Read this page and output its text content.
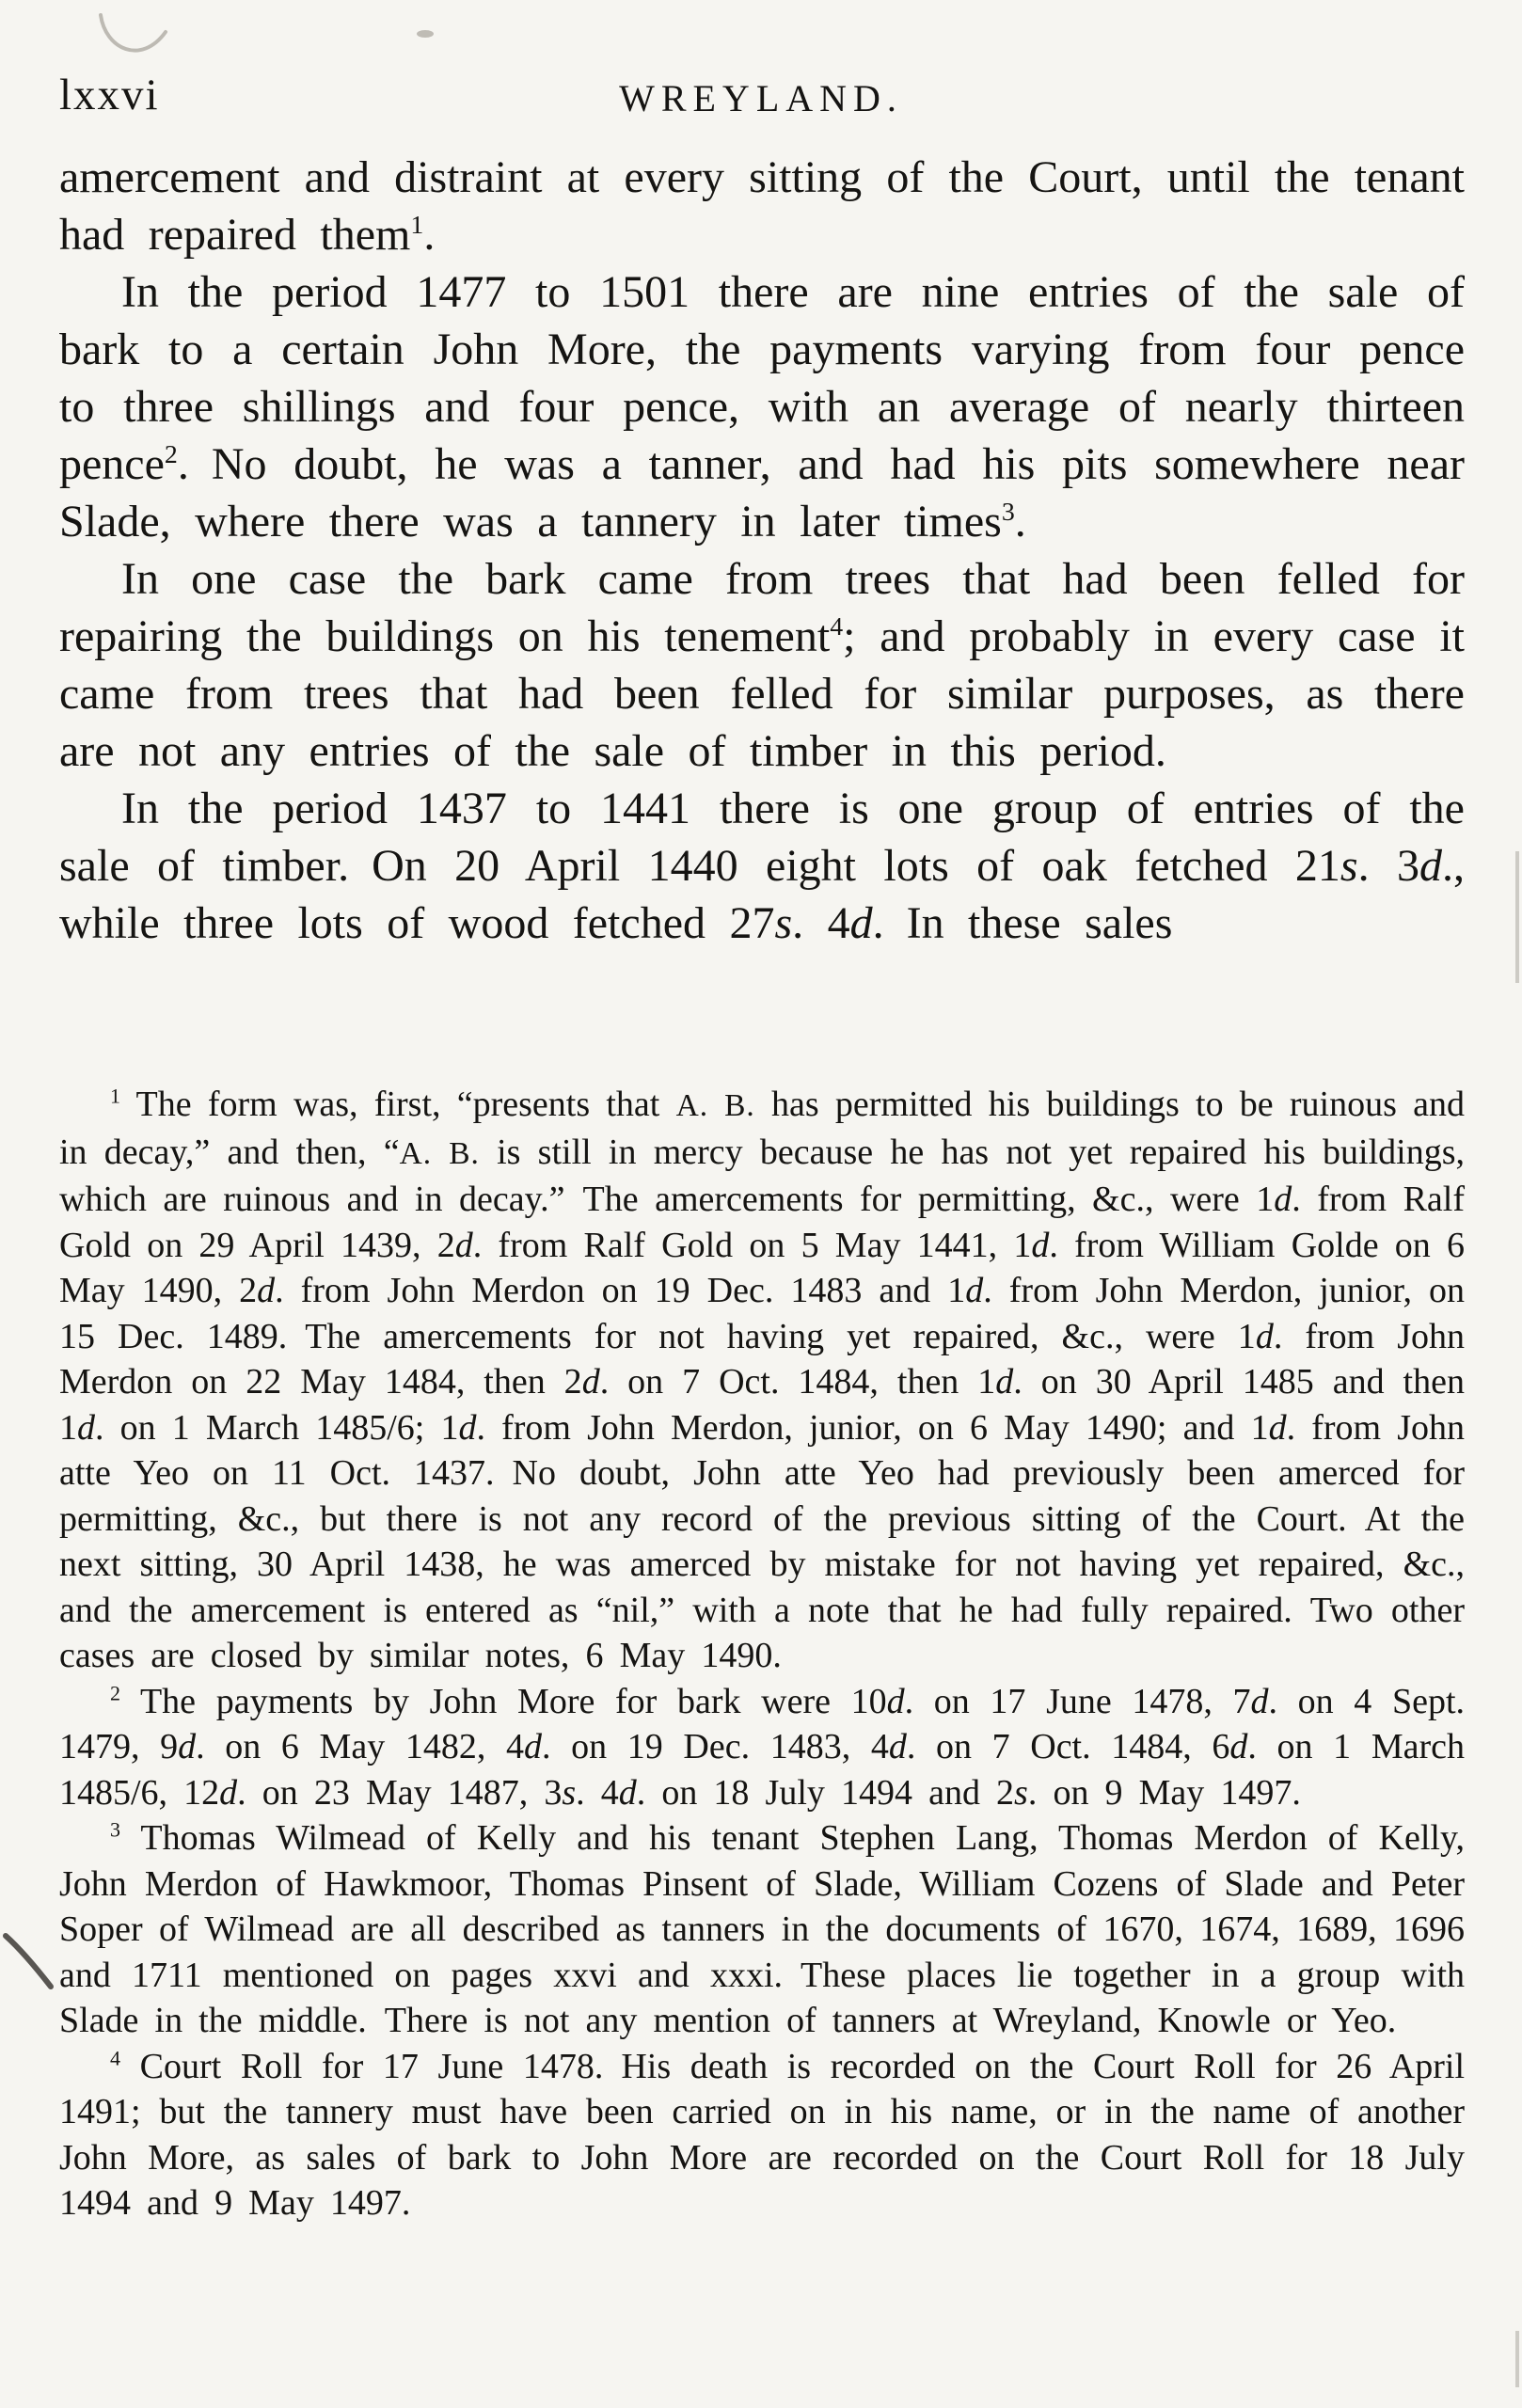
lxxvi	WREYLAND.

amercement and distraint at every sitting of the Court, until the tenant had repaired them$^1$.

In the period 1477 to 1501 there are nine entries of the sale of bark to a certain John More, the payments varying from four pence to three shillings and four pence, with an average of nearly thirteen pence$^2$. No doubt, he was a tanner, and had his pits somewhere near Slade, where there was a tannery in later times$^3$.

In one case the bark came from trees that had been felled for repairing the buildings on his tenement$^4$; and probably in every case it came from trees that had been felled for similar purposes, as there are not any entries of the sale of timber in this period.

In the period 1437 to 1441 there is one group of entries of the sale of timber. On 20 April 1440 eight lots of oak fetched 21s. 3d., while three lots of wood fetched 27s. 4d. In these sales

$^1$ The form was, first, “presents that A. B. has permitted his buildings to be ruinous and in decay,” and then, “A. B. is still in mercy because he has not yet repaired his buildings, which are ruinous and in decay.” The amercements for permitting, &c., were 1d. from Ralf Gold on 29 April 1439, 2d. from Ralf Gold on 5 May 1441, 1d. from William Golde on 6 May 1490, 2d. from John Merdon on 19 Dec. 1483 and 1d. from John Merdon, junior, on 15 Dec. 1489. The amercements for not having yet repaired, &c., were 1d. from John Merdon on 22 May 1484, then 2d. on 7 Oct. 1484, then 1d. on 30 April 1485 and then 1d. on 1 March 1485/6; 1d. from John Merdon, junior, on 6 May 1490; and 1d. from John atte Yeo on 11 Oct. 1437. No doubt, John atte Yeo had previously been amerced for permitting, &c., but there is not any record of the previous sitting of the Court. At the next sitting, 30 April 1438, he was amerced by mistake for not having yet repaired, &c., and the amercement is entered as “nil,” with a note that he had fully repaired. Two other cases are closed by similar notes, 6 May 1490.

$^2$ The payments by John More for bark were 10d. on 17 June 1478, 7d. on 4 Sept. 1479, 9d. on 6 May 1482, 4d. on 19 Dec. 1483, 4d. on 7 Oct. 1484, 6d. on 1 March 1485/6, 12d. on 23 May 1487, 3s. 4d. on 18 July 1494 and 2s. on 9 May 1497.

$^3$ Thomas Wilmead of Kelly and his tenant Stephen Lang, Thomas Merdon of Kelly, John Merdon of Hawkmoor, Thomas Pinsent of Slade, William Cozens of Slade and Peter Soper of Wilmead are all described as tanners in the documents of 1670, 1674, 1689, 1696 and 1711 mentioned on pages xxvi and xxxi. These places lie together in a group with Slade in the middle. There is not any mention of tanners at Wreyland, Knowle or Yeo.

$^4$ Court Roll for 17 June 1478. His death is recorded on the Court Roll for 26 April 1491; but the tannery must have been carried on in his name, or in the name of another John More, as sales of bark to John More are recorded on the Court Roll for 18 July 1494 and 9 May 1497.
